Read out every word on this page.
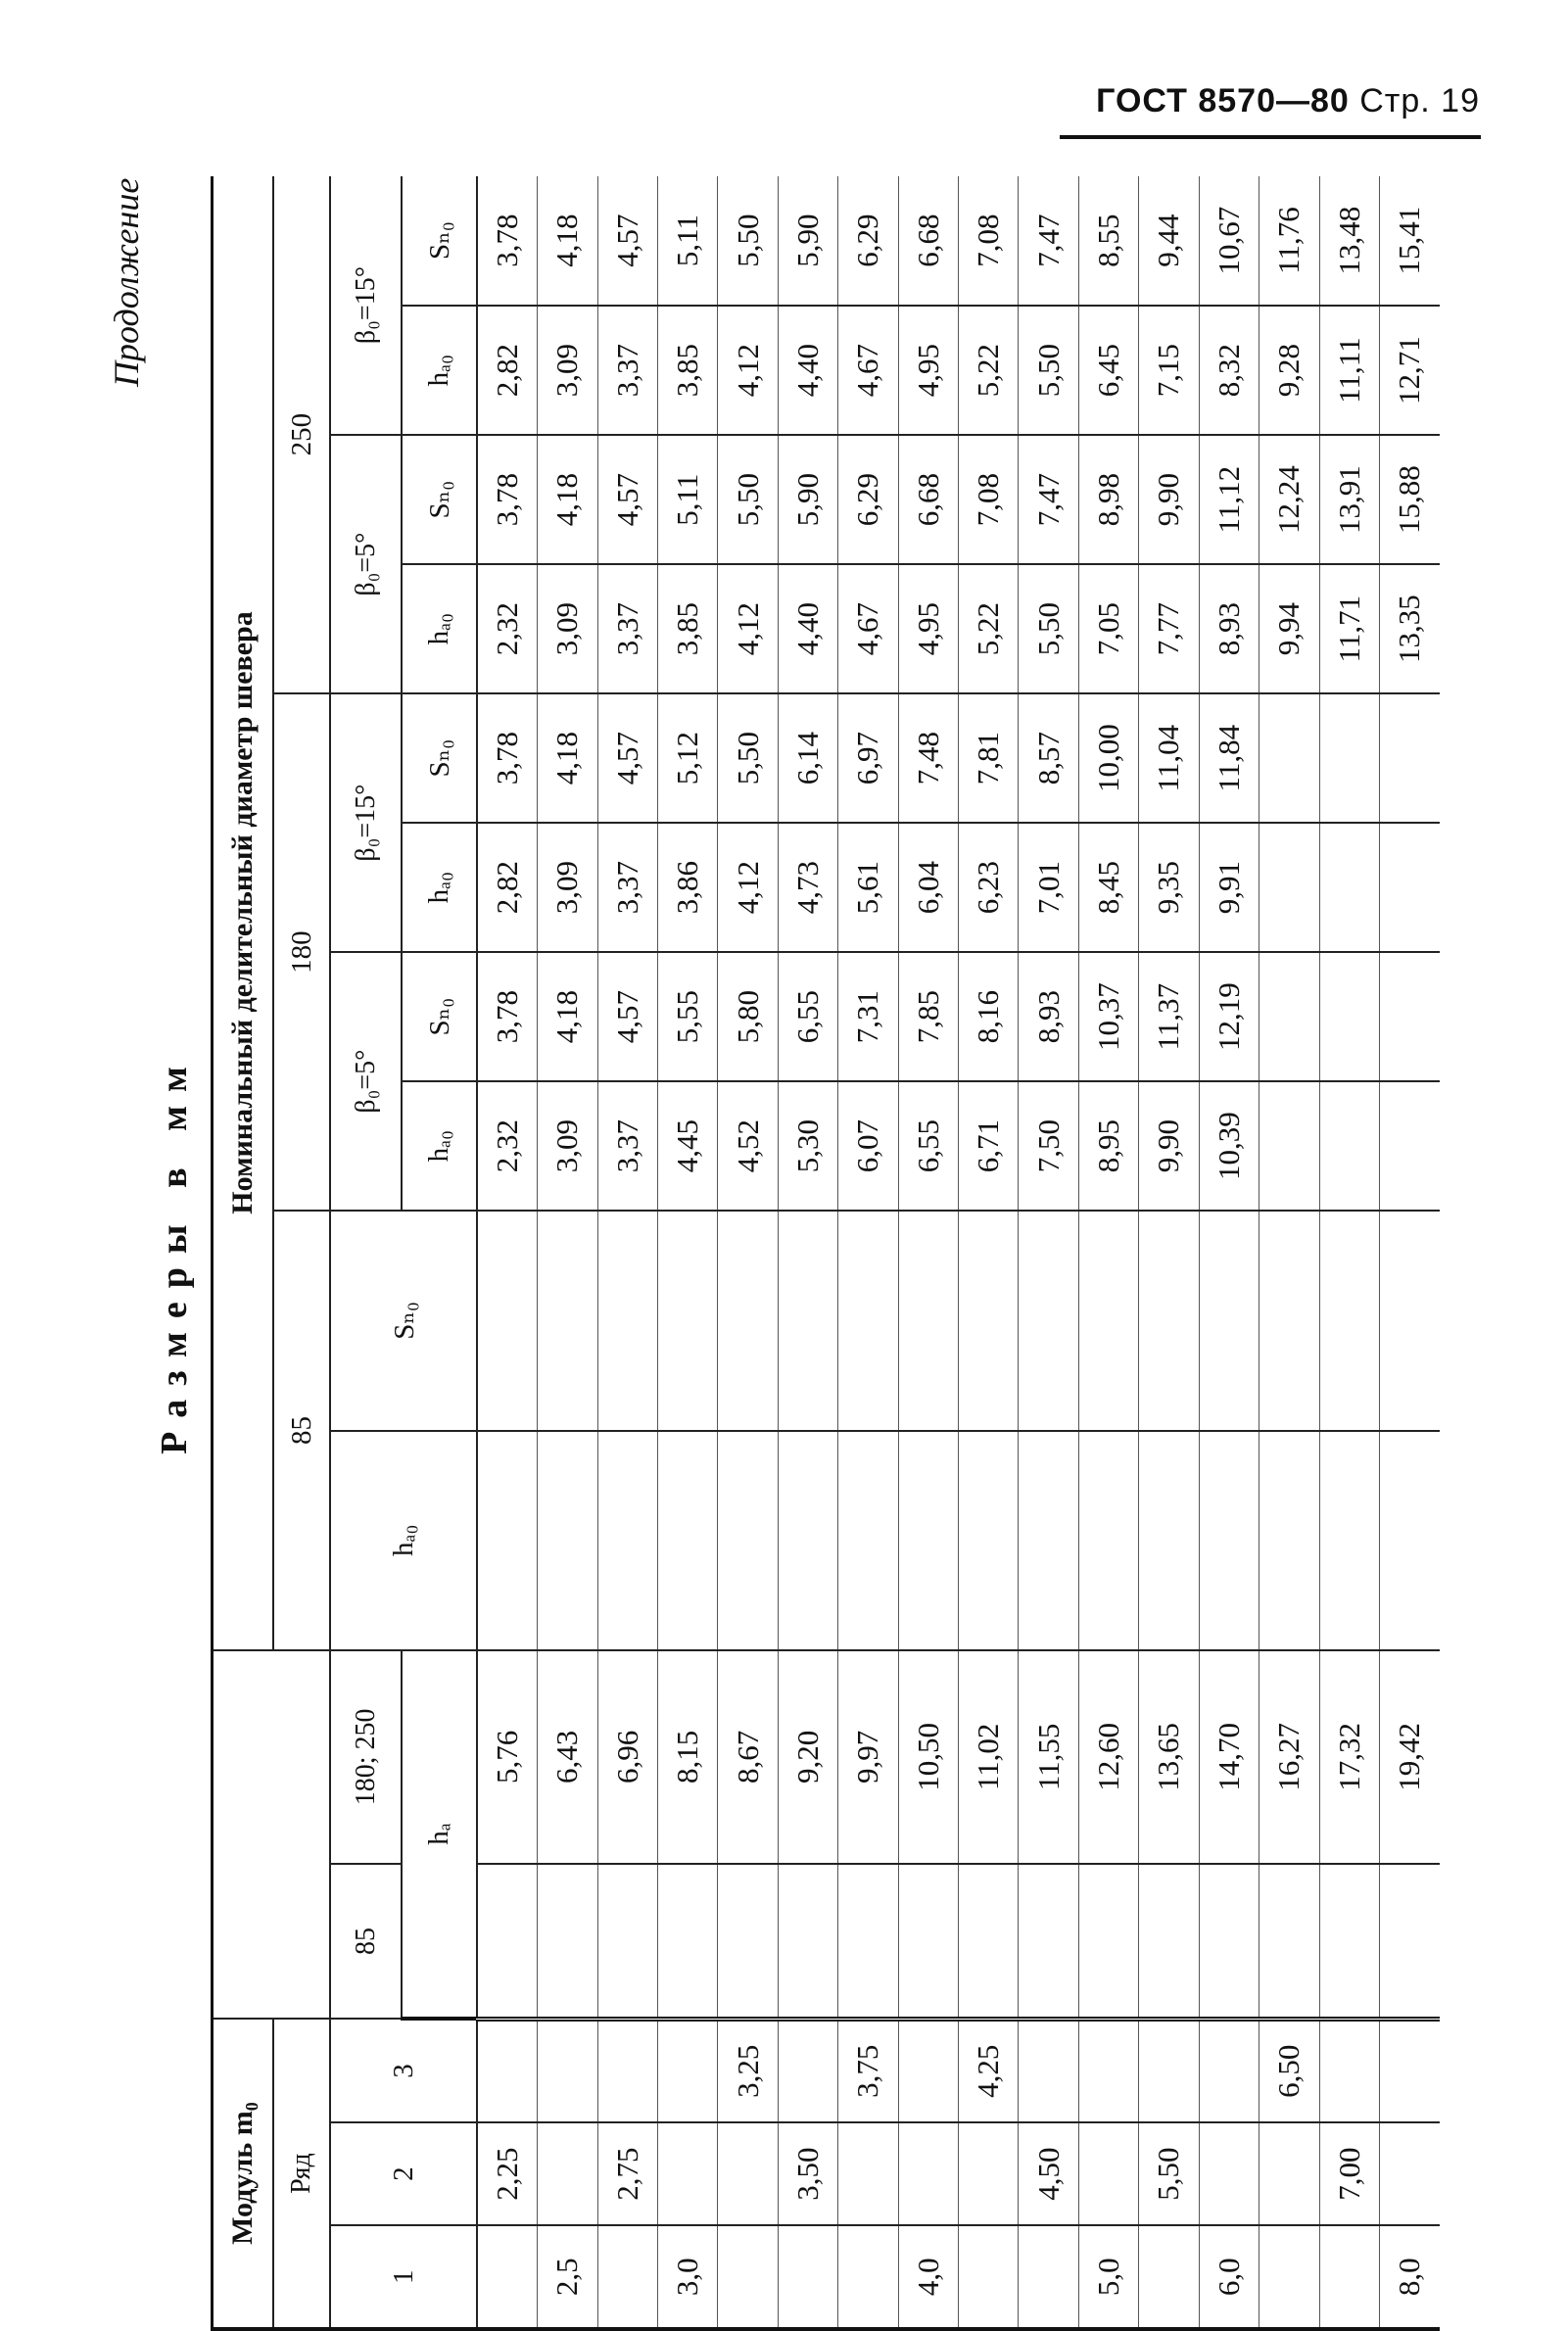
ГОСТ 8570—80 Стр. 19
Продолжение
Размеры в мм
Модуль m₀					Номинальный делительный диаметр шевера									
Ряд					85		180				250			
1	2	3	85	180; 250	hₐ₀	Sₙ₀	β₀=5°		β₀=15°		β₀=5°		β₀=15°	
			hₐ				hₐ₀	Sₙ₀	hₐ₀	Sₙ₀	hₐ₀	Sₙ₀	hₐ₀	Sₙ₀
	2,25			5,76			2,32	3,78	2,82	3,78	2,32	3,78	2,82	3,78
2,5				6,43			3,09	4,18	3,09	4,18	3,09	4,18	3,09	4,18
	2,75			6,96			3,37	4,57	3,37	4,57	3,37	4,57	3,37	4,57
3,0				8,15			4,45	5,55	3,86	5,12	3,85	5,11	3,85	5,11
		3,25		8,67			4,52	5,80	4,12	5,50	4,12	5,50	4,12	5,50
	3,50			9,20			5,30	6,55	4,73	6,14	4,40	5,90	4,40	5,90
		3,75		9,97			6,07	7,31	5,61	6,97	4,67	6,29	4,67	6,29
4,0				10,50			6,55	7,85	6,04	7,48	4,95	6,68	4,95	6,68
		4,25		11,02			6,71	8,16	6,23	7,81	5,22	7,08	5,22	7,08
	4,50			11,55			7,50	8,93	7,01	8,57	5,50	7,47	5,50	7,47
5,0				12,60			8,95	10,37	8,45	10,00	7,05	8,98	6,45	8,55
	5,50			13,65			9,90	11,37	9,35	11,04	7,77	9,90	7,15	9,44
6,0				14,70			10,39	12,19	9,91	11,84	8,93	11,12	8,32	10,67
		6,50		16,27							9,94	12,24	9,28	11,76
	7,00			17,32							11,71	13,91	11,11	13,48
8,0				19,42							13,35	15,88	12,71	15,41
